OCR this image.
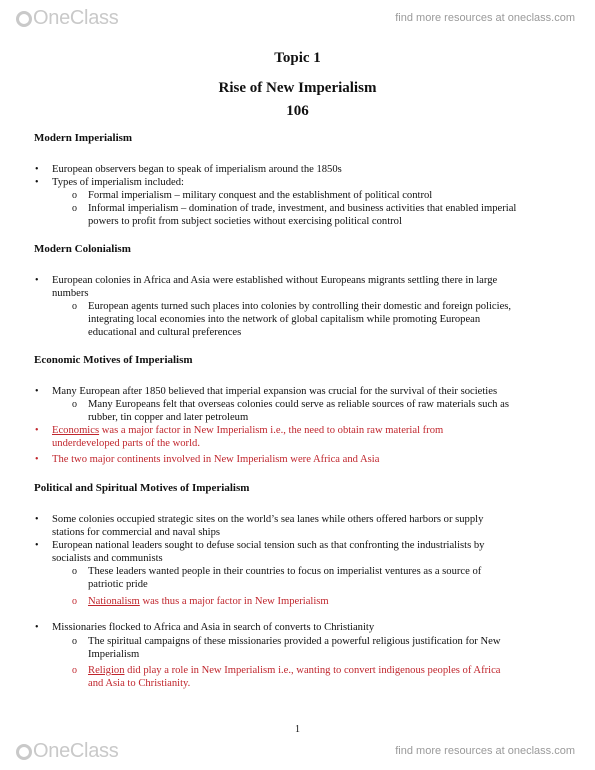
OneClass	find more resources at oneclass.com
Topic 1
Rise of New Imperialism
106
Modern Imperialism
• European observers began to speak of imperialism around the 1850s
• Types of imperialism included:
o Formal imperialism – military conquest and the establishment of political control
o Informal imperialism – domination of trade, investment, and business activities that enabled imperial
powers to profit from subject societies without exercising political control
Modern Colonialism
• European colonies in Africa and Asia were established without Europeans migrants settling there in large
numbers
o European agents turned such places into colonies by controlling their domestic and foreign policies,
integrating local economies into the network of global capitalism while promoting European
educational and cultural preferences
Economic Motives of Imperialism
• Many European after 1850 believed that imperial expansion was crucial for the survival of their societies
o Many Europeans felt that overseas colonies could serve as reliable sources of raw materials such as
rubber, tin copper and later petroleum
• Economics was a major factor in New Imperialism i.e., the need to obtain raw material from
underdeveloped parts of the world.
• The two major continents involved in New Imperialism were Africa and Asia
Political and Spiritual Motives of Imperialism
• Some colonies occupied strategic sites on the world’s sea lanes while others offered harbors or supply
stations for commercial and naval ships
• European national leaders sought to defuse social tension such as that confronting the industrialists by
socialists and communists
o These leaders wanted people in their countries to focus on imperialist ventures as a source of
patriotic pride
o Nationalism was thus a major factor in New Imperialism
• Missionaries flocked to Africa and Asia in search of converts to Christianity
o The spiritual campaigns of these missionaries provided a powerful religious justification for New
Imperialism
o Religion did play a role in New Imperialism i.e., wanting to convert indigenous peoples of Africa
and Asia to Christianity.
1
OneClass	find more resources at oneclass.com
